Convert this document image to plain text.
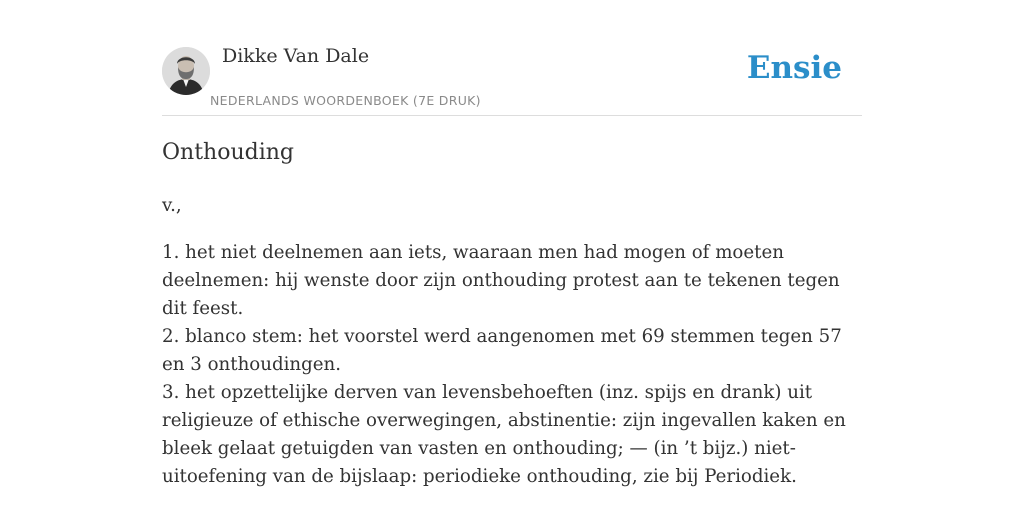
Dikke Van Dale
NEDERLANDS WOORDENBOEK (7E DRUK)
Ensie
Onthouding
v.,

1. het niet deelnemen aan iets, waaraan men had mogen of moeten deelnemen: hij wenste door zijn onthouding protest aan te tekenen tegen dit feest.

2. blanco stem: het voorstel werd aangenomen met 69 stemmen tegen 57 en 3 onthoudingen.

3. het opzettelijke derven van levensbehoeften (inz. spijs en drank) uit religieuze of ethische overwegingen, abstinentie: zijn ingevallen kaken en bleek gelaat getuigden van vasten en onthouding; — (in ’t bijz.) niet-uitoefening van de bijslaap: periodieke onthouding, zie bij Periodiek.
